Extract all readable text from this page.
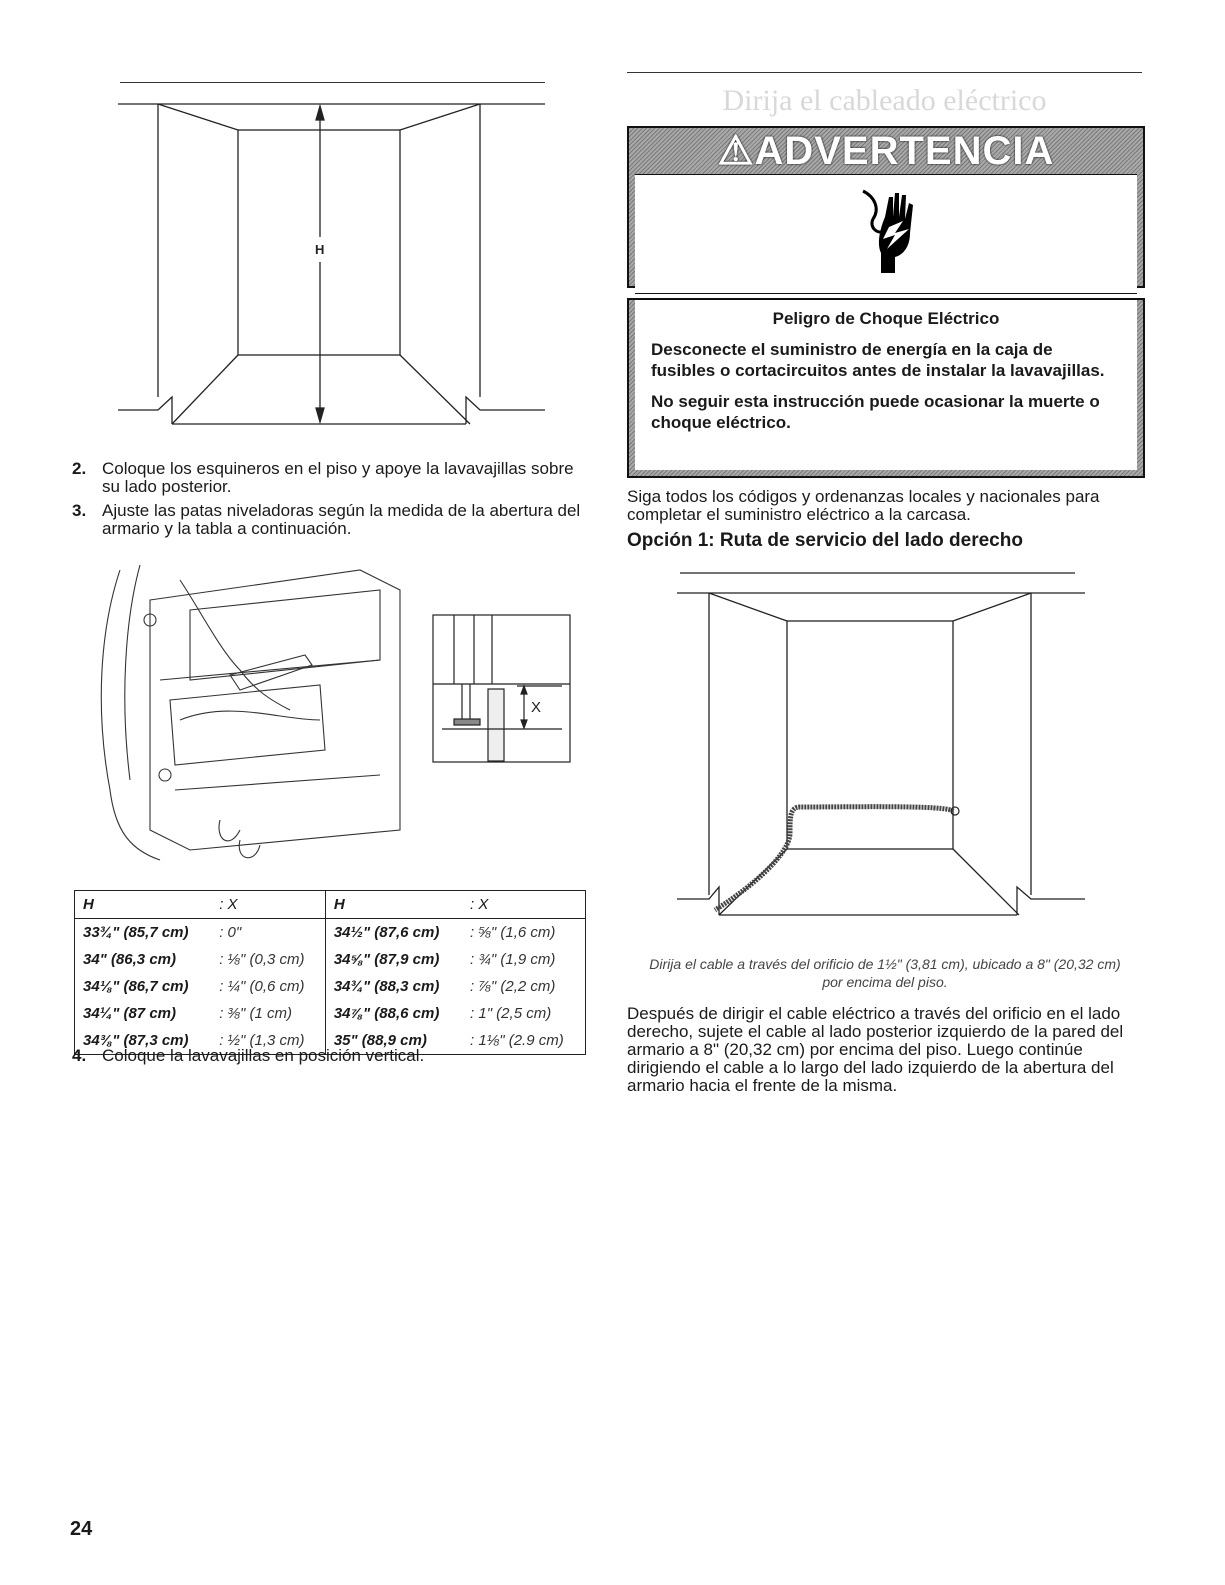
H
2. Coloque los esquineros en el piso y apoye la lavavajillas sobre su lado posterior.
3. Ajuste las patas niveladoras según la medida de la abertura del armario y la tabla a continuación.
X
H	: X	H	: X
33¾" (85,7 cm)	: 0"	34½" (87,6 cm)	: ⅝" (1,6 cm)
34" (86,3 cm)	: ⅛" (0,3 cm)	34⅝" (87,9 cm)	: ¾" (1,9 cm)
34⅛" (86,7 cm)	: ¼" (0,6 cm)	34¾" (88,3 cm)	: ⅞" (2,2 cm)
34¼" (87 cm)	: ⅜" (1 cm)	34⅞" (88,6 cm)	: 1" (2,5 cm)
34⅜" (87,3 cm)	: ½" (1,3 cm)	35" (88,9 cm)	: 1⅛" (2.9 cm)
4. Coloque la lavavajillas en posición vertical.
Dirija el cableado eléctrico
⚠ADVERTENCIA
Peligro de Choque Eléctrico
Desconecte el suministro de energía en la caja de fusibles o cortacircuitos antes de instalar la lavavajillas.
No seguir esta instrucción puede ocasionar la muerte o choque eléctrico.
Siga todos los códigos y ordenanzas locales y nacionales para completar el suministro eléctrico a la carcasa.
Opción 1: Ruta de servicio del lado derecho
Dirija el cable a través del orificio de 1½" (3,81 cm), ubicado a 8" (20,32 cm) por encima del piso.
Después de dirigir el cable eléctrico a través del orificio en el lado derecho, sujete el cable al lado posterior izquierdo de la pared del armario a 8" (20,32 cm) por encima del piso. Luego continúe dirigiendo el cable a lo largo del lado izquierdo de la abertura del armario hacia el frente de la misma.
24
